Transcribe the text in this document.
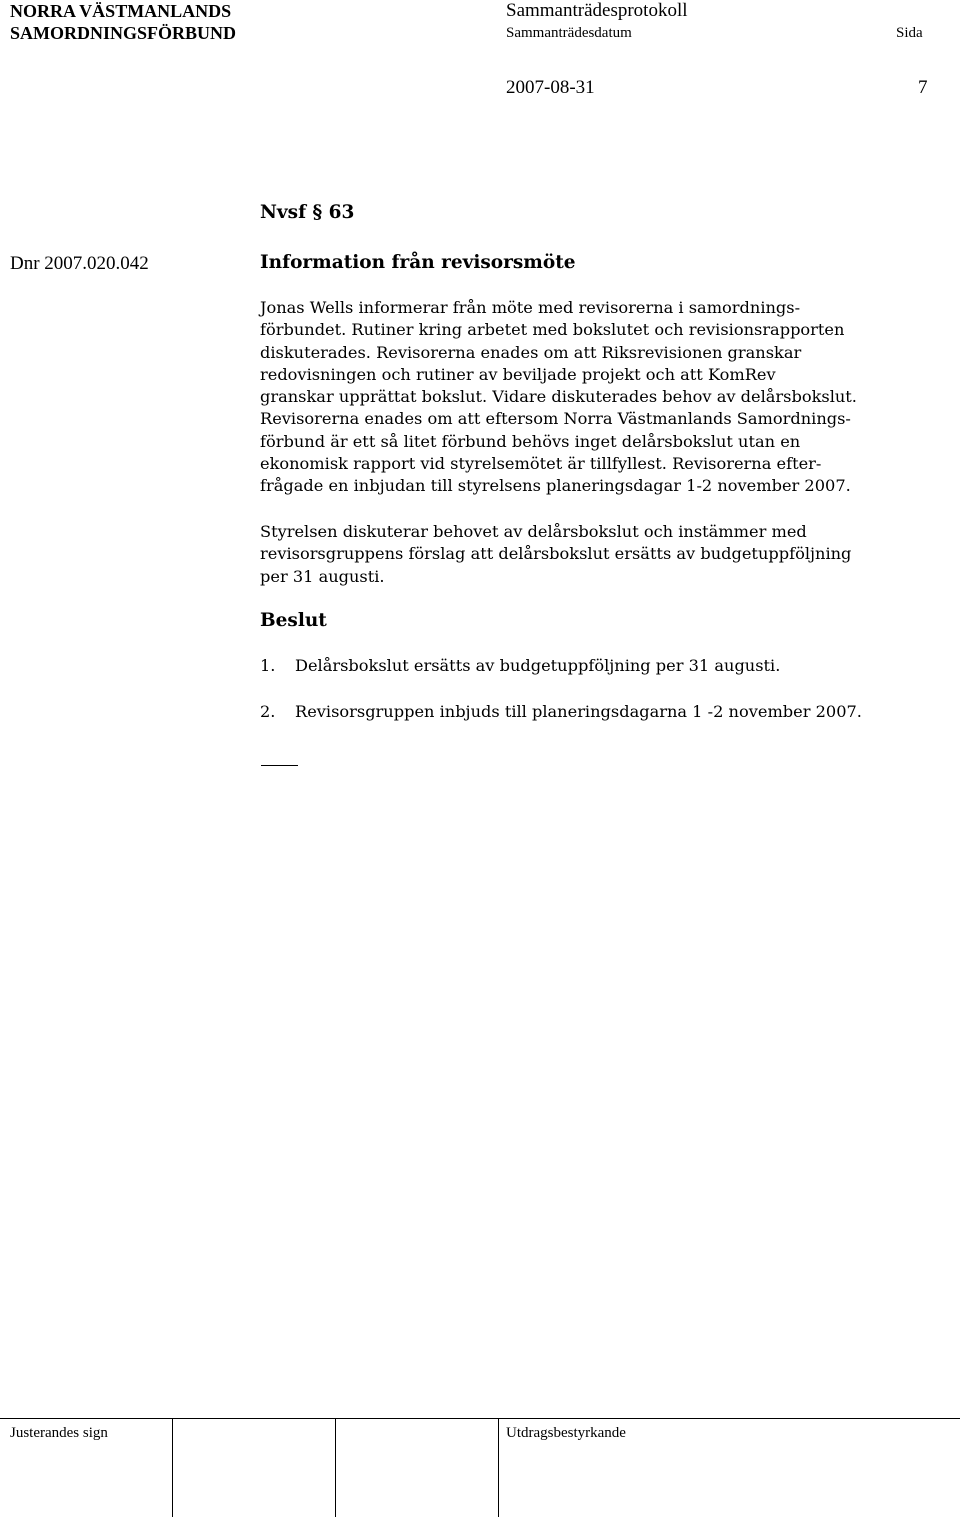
NORRA VÄSTMANLANDS
SAMORDNINGSFÖRBUND
Sammanträdesprotokoll
Sammanträdesdatum	Sida
2007-08-31	7
Nvsf § 63
Dnr 2007.020.042	Information från revisorsmöte
Jonas Wells informerar från möte med revisorerna i samordnings-
förbundet. Rutiner kring arbetet med bokslutet och revisionsrapporten
diskuterades. Revisorerna enades om att Riksrevisionen granskar
redovisningen och rutiner av beviljade projekt och att KomRev
granskar upprättat bokslut. Vidare diskuterades behov av delårsbokslut.
Revisorerna enades om att eftersom Norra Västmanlands Samordnings-
förbund är ett så litet förbund behövs inget delårsbokslut utan en
ekonomisk rapport vid styrelsemötet är tillfyllest. Revisorerna efter-
frågade en inbjudan till styrelsens planeringsdagar 1-2 november 2007.
Styrelsen diskuterar behovet av delårsbokslut och instämmer med
revisorsgruppens förslag att delårsbokslut ersätts av budgetuppföljning
per 31 augusti.
Beslut
1. Delårsbokslut ersätts av budgetuppföljning per 31 augusti.
2. Revisorsgruppen inbjuds till planeringsdagarna 1 -2 november 2007.
Justerandes sign	Utdragsbestyrkande
